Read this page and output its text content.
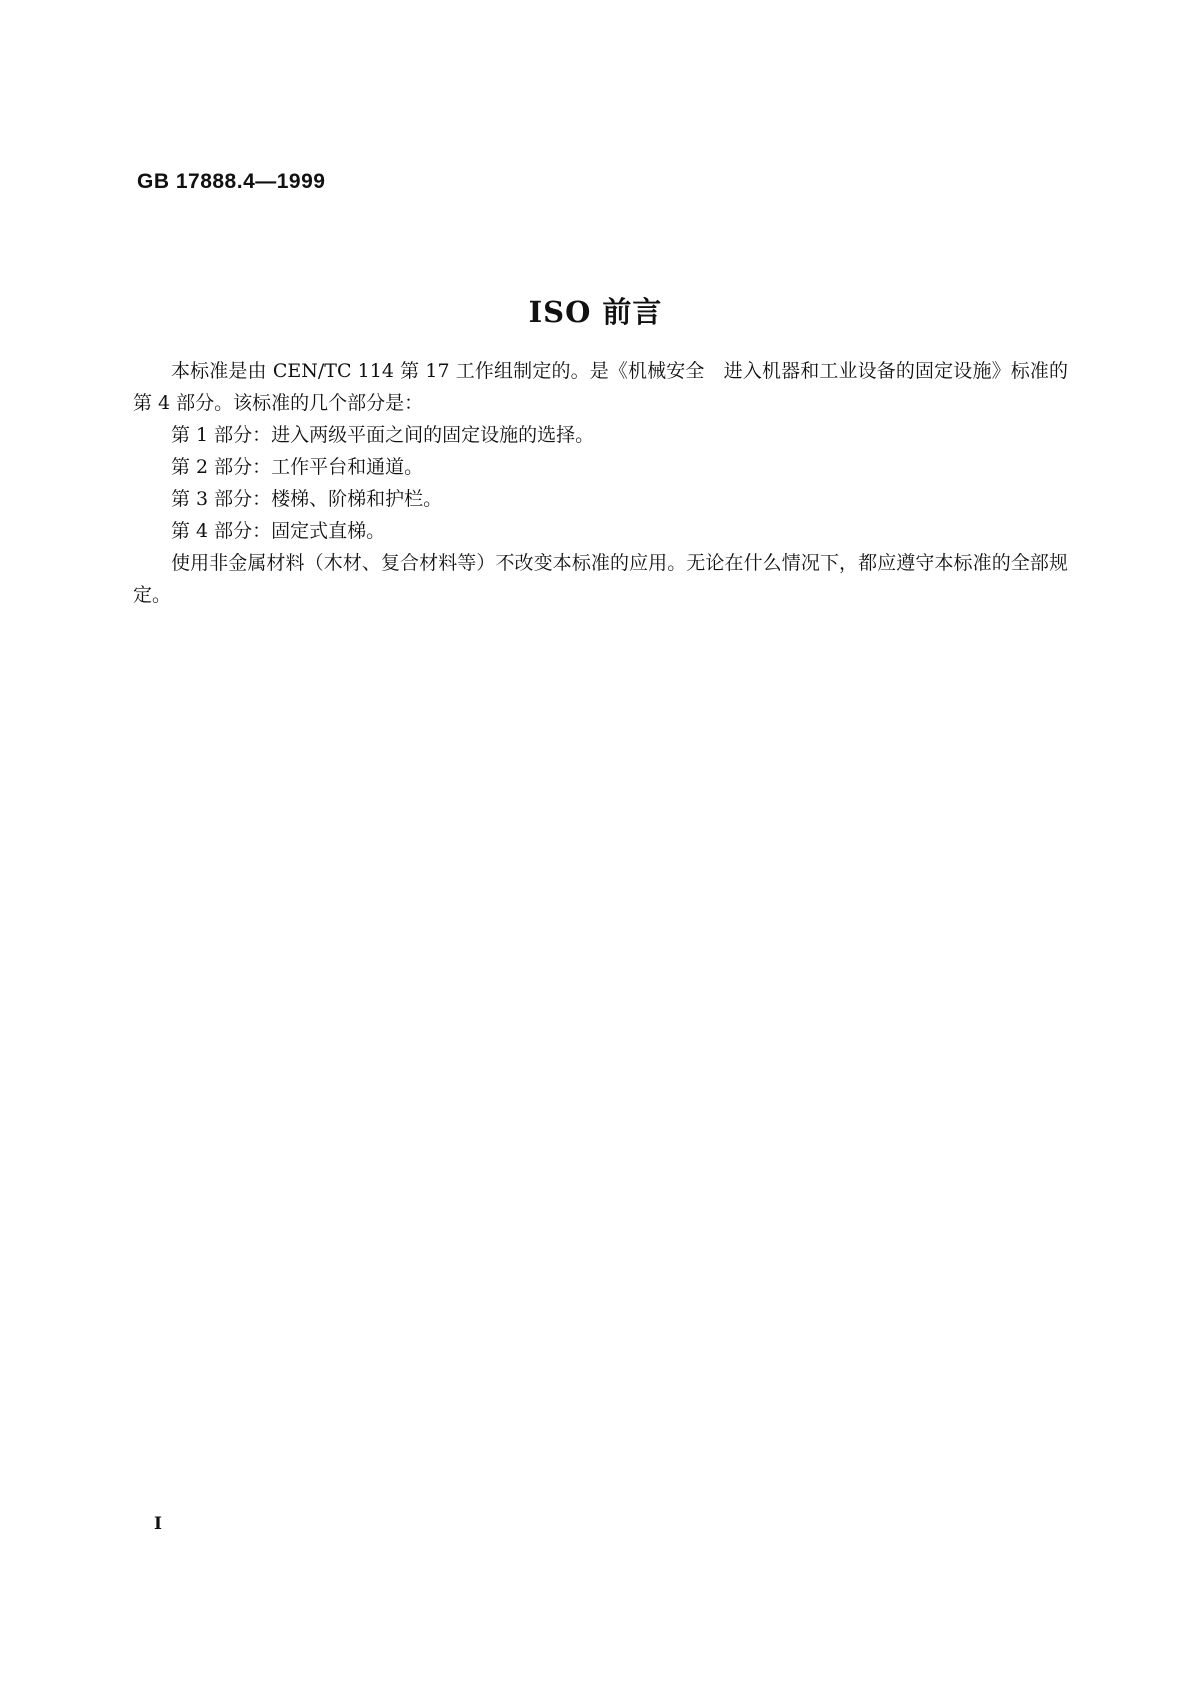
GB 17888.4—1999
ISO 前言

本标准是由 CEN/TC 114 第 17 工作组制定的。是《机械安全　进入机器和工业设备的固定设施》标准的第 4 部分。该标准的几个部分是：

第 1 部分：进入两级平面之间的固定设施的选择。

第 2 部分：工作平台和通道。

第 3 部分：楼梯、阶梯和护栏。

第 4 部分：固定式直梯。

使用非金属材料（木材、复合材料等）不改变本标准的应用。无论在什么情况下，都应遵守本标准的全部规定。

I
